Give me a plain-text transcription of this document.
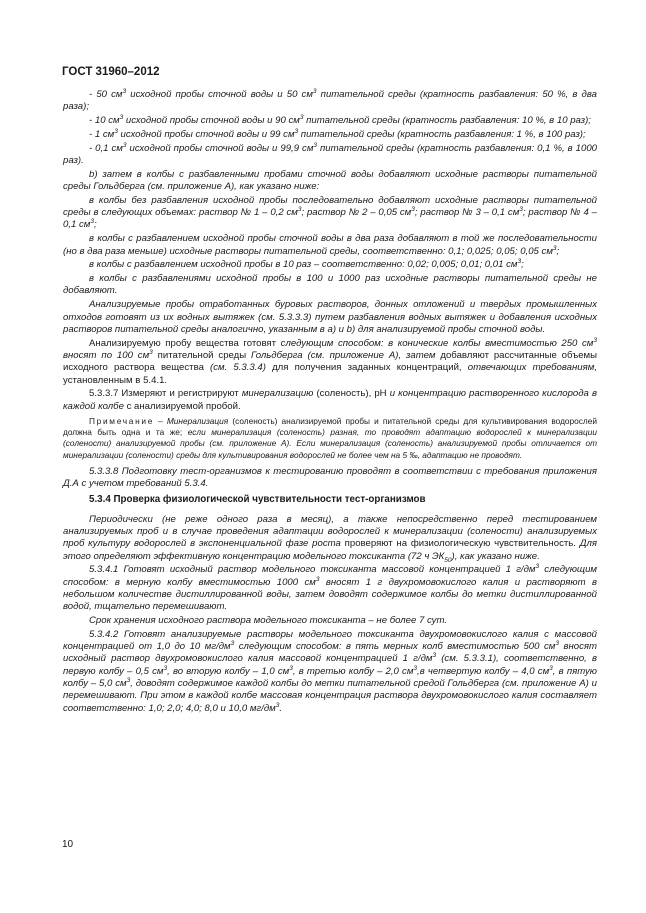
ГОСТ 31960–2012

- 50 $см^3$ исходной пробы сточной воды и 50 $см^3$ питательной среды (кратность разбавления: 50 %, в два раза);

- 10 $см^3$ исходной пробы сточной воды и 90 $см^3$ питательной среды (кратность разбавления: 10 %, в 10 раз);

- 1 $см^3$ исходной пробы сточной воды и 99 $см^3$ питательной среды (кратность разбавления: 1 %, в 100 раз);

- 0,1 $см^3$ исходной пробы сточной воды и 99,9 $см^3$ питательной среды (кратность разбавления: 0,1 %, в 1000 раз).

b) затем в колбы с разбавленными пробами сточной воды добавляют исходные растворы питательной среды Гольдберга (см. приложение А), как указано ниже:

в колбы без разбавления исходной пробы последовательно добавляют исходные растворы питательной среды в следующих объемах: раствор № 1 – 0,2 $см^3$; раствор № 2 – 0,05 $см^3$; раствор № 3 – 0,1 $см^3$; раствор № 4 – 0,1 $см^3$;

в колбы с разбавлением исходной пробы сточной воды в два раза добавляют в той же последовательности (но в два раза меньше) исходные растворы питательной среды, соответственно: 0,1; 0,025; 0,05; 0,05 $см^3$;

в колбы с разбавлением исходной пробы в 10 раз – соответственно: 0,02; 0,005; 0,01; 0,01 $см^3$;

в колбы с разбавлениями исходной пробы в 100 и 1000 раз исходные растворы питательной среды не добавляют.

Анализируемые пробы отработанных буровых растворов, донных отложений и твердых промышленных отходов готовят из их водных вытяжек (см. 5.3.3.3) путем разбавления водных вытяжек и добавления исходных растворов питательной среды аналогично, указанным в а) и b) для анализируемой пробы сточной воды.

Анализируемую пробу вещества готовят следующим способом: в конические колбы вместимостью 250 $см^3$ вносят по 100 $см^3$ питательной среды Гольдберга (см. приложение А), затем добавляют рассчитанные объемы исходного раствора вещества (см. 5.3.3.4) для получения заданных концентраций, отвечающих требованиям, установленным в 5.4.1.

5.3.3.7 Измеряют и регистрируют минерализацию (соленость), рН и концентрацию растворенного кислорода в каждой колбе с анализируемой пробой.

Примечание – Минерализация (соленость) анализируемой пробы и питательной среды для культивирования водорослей должна быть одна и та же; если минерализация (соленость) разная, то проводят адаптацию водорослей к минерализации (солености) анализируемой пробы (см. приложение А). Если минерализация (соленость) анализируемой пробы отличается от минерализации (солености) среды для культивирования водорослей не более чем на 5 ‰, адаптацию не проводят.

5.3.3.8 Подготовку тест-организмов к тестированию проводят в соответствии с требования приложения Д.А с учетом требований 5.3.4.

5.3.4 Проверка физиологической чувствительности тест-организмов

Периодически (не реже одного раза в месяц), а также непосредственно перед тестированием анализируемых проб и в случае проведения адаптации водорослей к минерализации (солености) анализируемых проб культуру водорослей в экспоненциальной фазе роста проверяют на физиологическую чувствительность. Для этого определяют эффективную концентрацию модельного токсиканта (72 ч $ЭК_{50}$), как указано ниже.

5.3.4.1 Готовят исходный раствор модельного токсиканта массовой концентрацией 1 $г/дм^3$ следующим способом: в мерную колбу вместимостью 1000 $см^3$ вносят 1 г двухромовокислого калия и растворяют в небольшом количестве дистиллированной воды, затем доводят содержимое колбы до метки дистиллированной водой, тщательно перемешивают.

Срок хранения исходного раствора модельного токсиканта – не более 7 сут.

5.3.4.2 Готовят анализируемые растворы модельного токсиканта двухромовокислого калия с массовой концентрацией от 1,0 до 10 $мг/дм^3$ следующим способом: в пять мерных колб вместимостью 500 $см^3$ вносят исходный раствор двухромовокислого калия массовой концентрацией 1 $г/дм^3$ (см. 5.3.3.1), соответственно, в первую колбу – 0,5 $см^3$, во вторую колбу – 1,0 $см^3$, в третью колбу – 2,0 $см^3,в$ четвертую колбу – 4,0 $см^3$, в пятую колбу – 5,0 $см^3$, доводят содержимое каждой колбы до метки питательной средой Гольдберга (см. приложение А) и перемешивают. При этом в каждой колбе массовая концентрация раствора двухромовокислого калия составляет соответственно: 1,0; 2,0; 4,0; 8,0 и 10,0 $мг/дм^3$.

10
